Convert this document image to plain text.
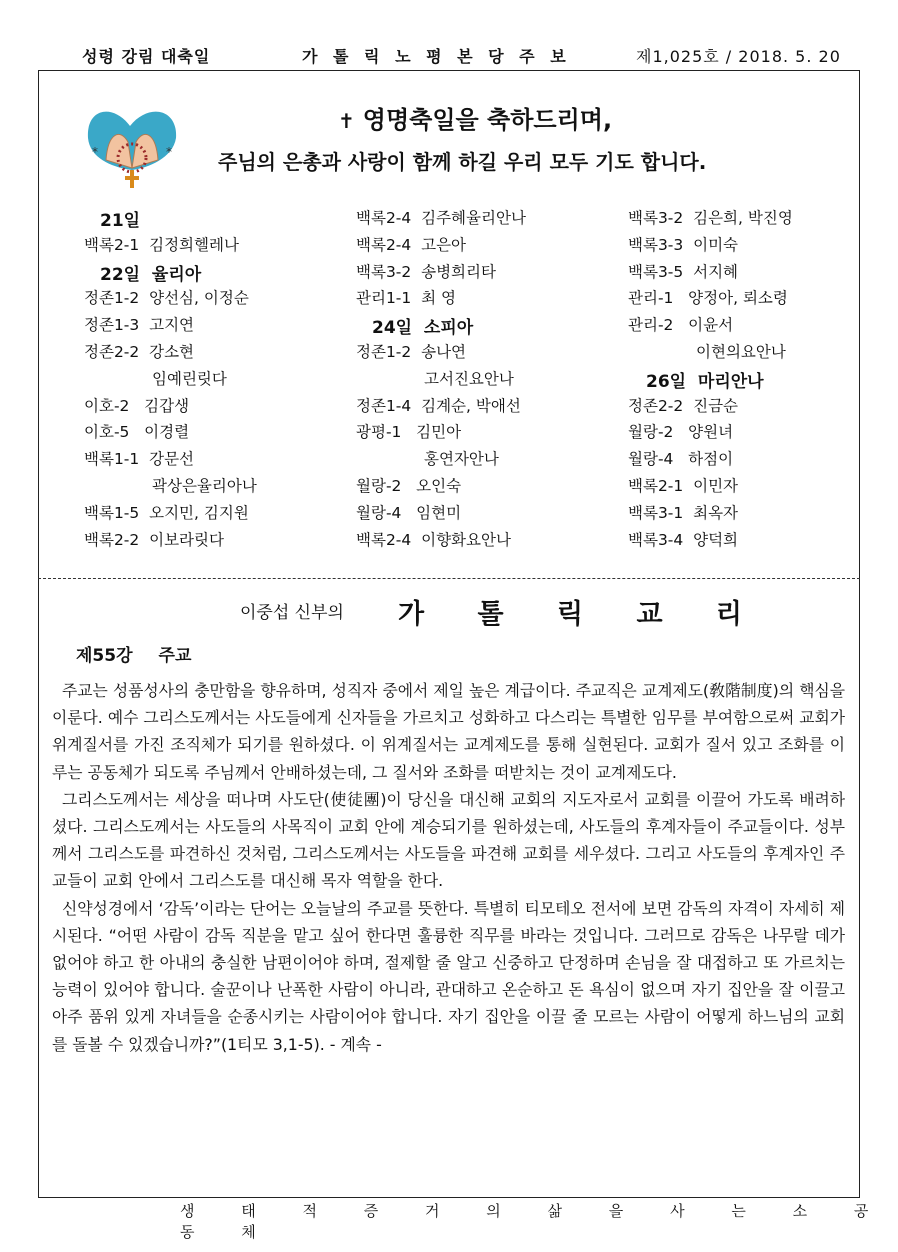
성령 강림 대축일	가 톨 릭 노 평 본 당 주 보	제1,025호 / 2018. 5. 20
*	*
✝ 영명축일을 축하드리며,
주님의 은총과 사랑이 함께 하길 우리 모두 기도 합니다.
21일
백록2-1  김정희헬레나
22일  율리아
정존1-2  양선심, 이정순
정존1-3  고지연
정존2-2  강소현
임예린릿다
이호-2   김갑생
이호-5   이경렬
백록1-1  강문선
곽상은율리아나
백록1-5  오지민, 김지원
백록2-2  이보라릿다
백록2-4  김주혜율리안나
백록2-4  고은아
백록3-2  송병희리타
관리1-1  최 영
24일  소피아
정존1-2  송나연
고서진요안나
정존1-4  김계순, 박애선
광평-1   김민아
홍연자안나
월랑-2   오인숙
월랑-4   임현미
백록2-4  이향화요안나
백록3-2  김은희, 박진영
백록3-3  이미숙
백록3-5  서지혜
관리-1   양정아, 뢰소령
관리-2   이윤서
이현의요안나
26일  마리안나
정존2-2  진금순
월랑-2   양원녀
월랑-4   하점이
백록2-1  이민자
백록3-1  최옥자
백록3-4  양덕희
이중섭 신부의 가 톨 릭 교 리
제55강 주교

주교는 성품성사의 충만함을 향유하며, 성직자 중에서 제일 높은 계급이다. 주교직은 교계제도(敎階制度)의 핵심을 이룬다. 예수 그리스도께서는 사도들에게 신자들을 가르치고 성화하고 다스리는 특별한 임무를 부여함으로써 교회가 위계질서를 가진 조직체가 되기를 원하셨다. 이 위계질서는 교계제도를 통해 실현된다. 교회가 질서 있고 조화를 이루는 공동체가 되도록 주님께서 안배하셨는데, 그 질서와 조화를 떠받치는 것이 교계제도다.

그리스도께서는 세상을 떠나며 사도단(使徒團)이 당신을 대신해 교회의 지도자로서 교회를 이끌어 가도록 배려하셨다. 그리스도께서는 사도들의 사목직이 교회 안에 계승되기를 원하셨는데, 사도들의 후계자들이 주교들이다. 성부께서 그리스도를 파견하신 것처럼, 그리스도께서는 사도들을 파견해 교회를 세우셨다. 그리고 사도들의 후계자인 주교들이 교회 안에서 그리스도를 대신해 목자 역할을 한다.

신약성경에서 ‘감독’이라는 단어는 오늘날의 주교를 뜻한다. 특별히 티모테오 전서에 보면 감독의 자격이 자세히 제시된다. “어떤 사람이 감독 직분을 맡고 싶어 한다면 훌륭한 직무를 바라는 것입니다. 그러므로 감독은 나무랄 데가 없어야 하고 한 아내의 충실한 남편이어야 하며, 절제할 줄 알고 신중하고 단정하며 손님을 잘 대접하고 또 가르치는 능력이 있어야 합니다. 술꾼이나 난폭한 사람이 아니라, 관대하고 온순하고 돈 욕심이 없으며 자기 집안을 잘 이끌고 아주 품위 있게 자녀들을 순종시키는 사람이어야 합니다. 자기 집안을 이끌 줄 모르는 사람이 어떻게 하느님의 교회를 돌볼 수 있겠습니까?”(1티모 3,1-5). - 계속 -

생 태 적 증 거 의 삶 을 사 는 소 공 동 체
